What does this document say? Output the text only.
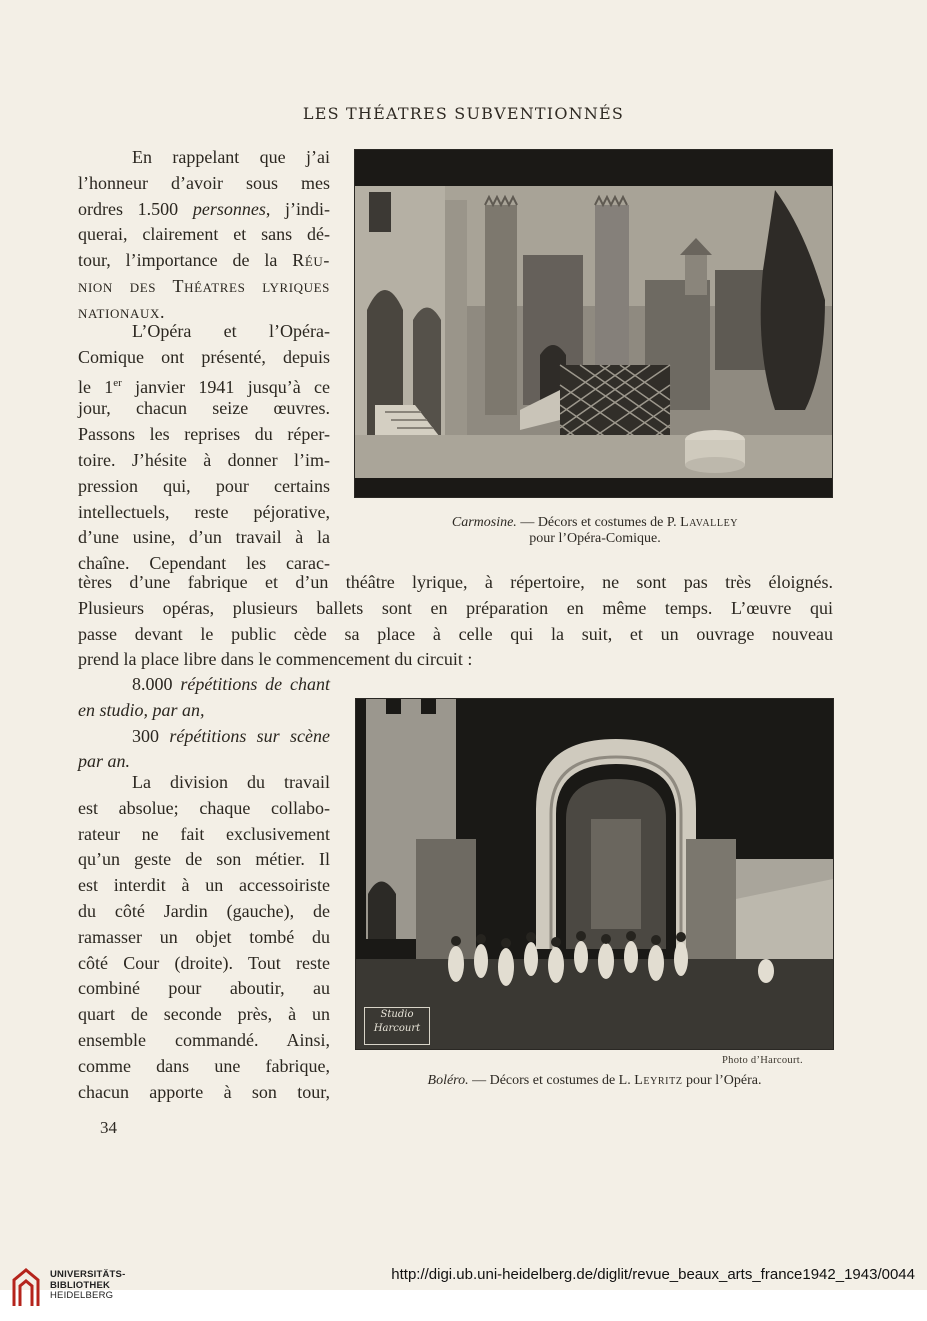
LES THÉATRES SUBVENTIONNÉS
En rappelant que j’ai
l’honneur d’avoir sous mes
ordres 1.500 personnes, j’indi-
querai, clairement et sans dé-
tour, l’importance de la Réu-
nion des Théatres lyriques
nationaux.
L’Opéra et l’Opéra-
Comique ont présenté, depuis
le 1er janvier 1941 jusqu’à ce
jour, chacun seize œuvres.
Passons les reprises du réper-
toire. J’hésite à donner l’im-
pression qui, pour certains
intellectuels, reste péjorative,
d’une usine, d’un travail à la
chaîne. Cependant les carac-
tères d’une fabrique et d’un théâtre lyrique, à répertoire, ne sont pas très éloignés.
Plusieurs opéras, plusieurs ballets sont en préparation en même temps. L’œuvre qui
passe devant le public cède sa place à celle qui la suit, et un ouvrage nouveau
prend la place libre dans le commencement du circuit :
8.000 répétitions de chant
en studio, par an,
300 répétitions sur scène
par an.
La division du travail
est absolue; chaque collabo-
rateur ne fait exclusivement
qu’un geste de son métier. Il
est interdit à un accessoiriste
du côté Jardin (gauche), de
ramasser un objet tombé du
côté Cour (droite). Tout reste
combiné pour aboutir, au
quart de seconde près, à un
ensemble commandé. Ainsi,
comme dans une fabrique,
chacun apporte à son tour,
Carmosine. — Décors et costumes de P. Lavalley
pour l’Opéra-Comique.
Studio Harcourt
Photo d’Harcourt.
Boléro. — Décors et costumes de L. Leyritz pour l’Opéra.
34
UNIVERSITÄTS-
BIBLIOTHEK
HEIDELBERG
http://digi.ub.uni-heidelberg.de/diglit/revue_beaux_arts_france1942_1943/0044
